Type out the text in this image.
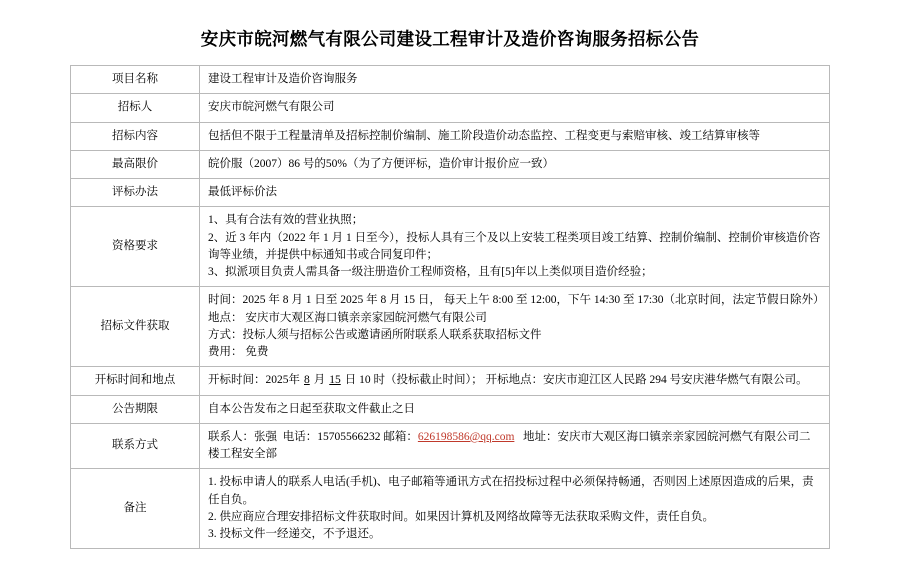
安庆市皖河燃气有限公司建设工程审计及造价咨询服务招标公告
项目名称	建设工程审计及造价咨询服务

招标人	安庆市皖河燃气有限公司

招标内容	包括但不限于工程量清单及招标控制价编制、施工阶段造价动态监控、工程变更与索赔审核、竣工结算审核等

最高限价	皖价服（2007）86 号的50%（为了方便评标，造价审计报价应一致）

评标办法	最低评标价法

资格要求	1、具有合法有效的营业执照；
2、近 3 年内（2022 年 1 月 1 日至今），投标人具有三个及以上安装工程类项目竣工结算、控制价编制、控制价审核造价咨询等业绩，并提供中标通知书或合同复印件；
3、拟派项目负责人需具备一级注册造价工程师资格，且有[5]年以上类似项目造价经验；

招标文件获取	时间：2025 年 8 月 1 日至 2025 年 8 月 15 日， 每天上午 8:00 至 12:00，下午 14:30 至 17:30（北京时间，法定节假日除外）
地点： 安庆市大观区海口镇亲亲家园皖河燃气有限公司
方式：投标人须与招标公告或邀请函所附联系人联系获取招标文件
费用： 免费

开标时间和地点	开标时间：2025年 8 月 15 日 10 时（投标截止时间）； 开标地点：安庆市迎江区人民路 294 号安庆港华燃气有限公司。
公告期限	自本公告发布之日起至获取文件截止之日

联系方式	联系人：张强 电话：15705566232 邮箱：626198586@qq.com 地址：安庆市大观区海口镇亲亲家园皖河燃气有限公司二楼工程安全部
备注	1. 投标申请人的联系人电话(手机)、电子邮箱等通讯方式在招投标过程中必须保持畅通，否则因上述原因造成的后果，责任自负。
2. 供应商应合理安排招标文件获取时间。如果因计算机及网络故障等无法获取采购文件，责任自负。
3. 投标文件一经递交，不予退还。
